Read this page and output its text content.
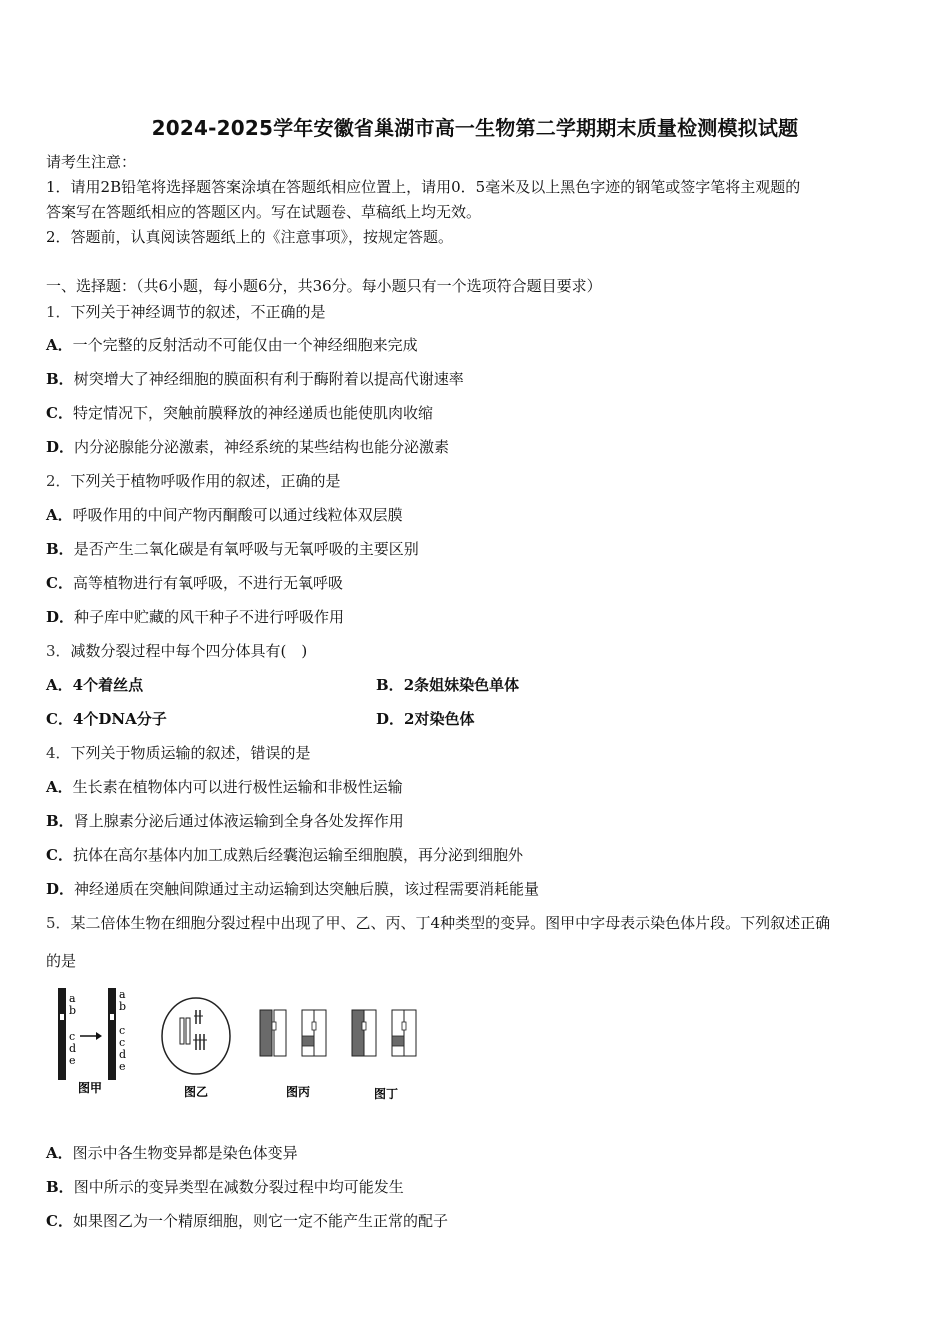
2024-2025学年安徽省巢湖市高一生物第二学期期末质量检测模拟试题
请考生注意：
1．请用2B铅笔将选择题答案涂填在答题纸相应位置上，请用0．5毫米及以上黑色字迹的钢笔或签字笔将主观题的
答案写在答题纸相应的答题区内。写在试题卷、草稿纸上均无效。
2．答题前，认真阅读答题纸上的《注意事项》，按规定答题。
一、选择题：（共6小题，每小题6分，共36分。每小题只有一个选项符合题目要求）
1．下列关于神经调节的叙述，不正确的是
A．一个完整的反射活动不可能仅由一个神经细胞来完成
B．树突增大了神经细胞的膜面积有利于酶附着以提高代谢速率
C．特定情况下，突触前膜释放的神经递质也能使肌肉收缩
D．内分泌腺能分泌激素，神经系统的某些结构也能分泌激素
2．下列关于植物呼吸作用的叙述，正确的是
A．呼吸作用的中间产物丙酮酸可以通过线粒体双层膜
B．是否产生二氧化碳是有氧呼吸与无氧呼吸的主要区别
C．高等植物进行有氧呼吸，不进行无氧呼吸
D．种子库中贮藏的风干种子不进行呼吸作用
3．减数分裂过程中每个四分体具有(　)
A．4个着丝点	B．2条姐妹染色单体
C．4个DNA分子	D．2对染色体
4．下列关于物质运输的叙述，错误的是
A．生长素在植物体内可以进行极性运输和非极性运输
B．肾上腺素分泌后通过体液运输到全身各处发挥作用
C．抗体在高尔基体内加工成熟后经囊泡运输至细胞膜，再分泌到细胞外
D．神经递质在突触间隙通过主动运输到达突触后膜，该过程需要消耗能量
5．某二倍体生物在细胞分裂过程中出现了甲、乙、丙、丁4种类型的变异。图甲中字母表示染色体片段。下列叙述正确
的是
a
b
c
d
e
a
b
c
c
d
e
图甲	图乙	图丙	图丁
A．图示中各生物变异都是染色体变异
B．图中所示的变异类型在减数分裂过程中均可能发生
C．如果图乙为一个精原细胞，则它一定不能产生正常的配子
